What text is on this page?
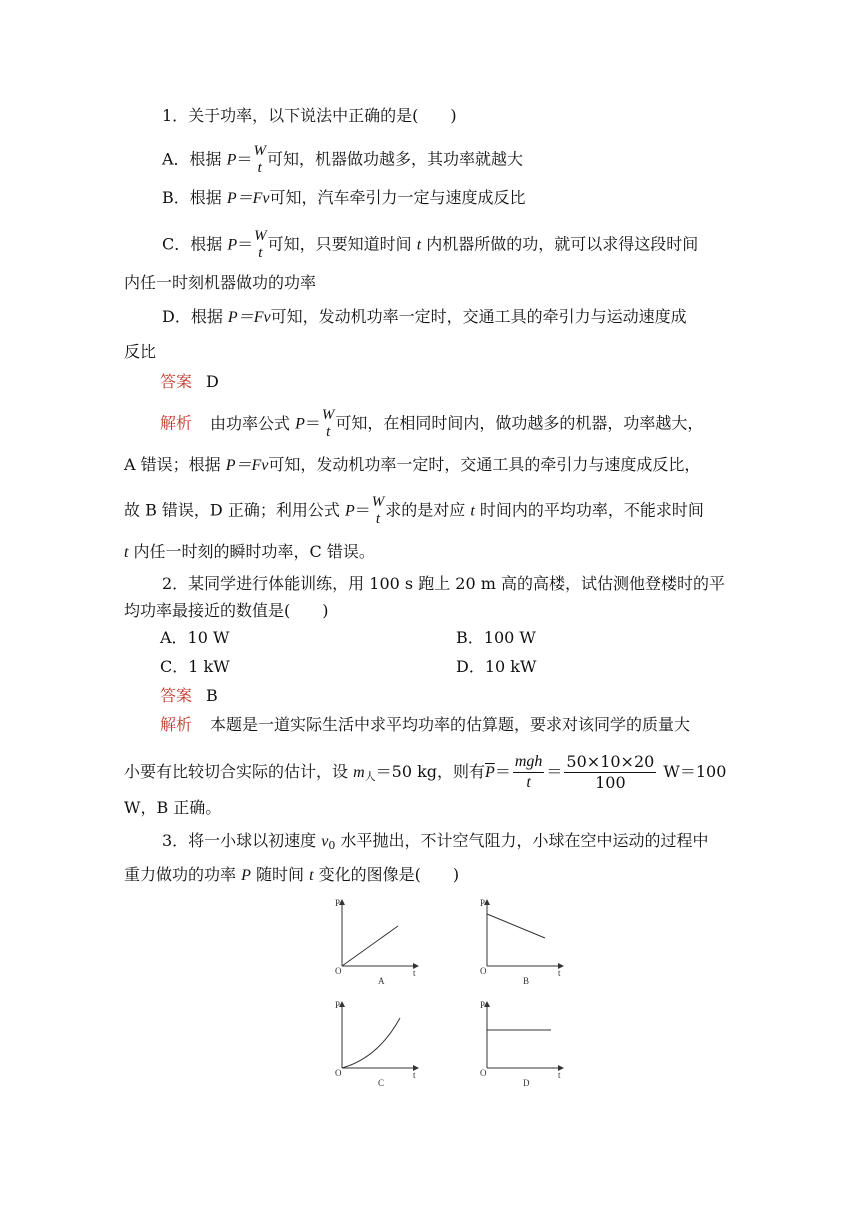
1．关于功率，以下说法中正确的是(　　)
A．根据 P＝ W
t 可知，机器做功越多，其功率就越大
B．根据 P＝Fv可知，汽车牵引力一定与速度成反比
C．根据 P＝ W
t 可知，只要知道时间 t 内机器所做的功，就可以求得这段时间
内任一时刻机器做功的功率
D．根据 P＝Fv可知，发动机功率一定时，交通工具的牵引力与运动速度成
反比
答案 D
解析 由功率公式 P＝ W
t 可知，在相同时间内，做功越多的机器，功率越大，
A 错误；根据 P＝Fv可知，发动机功率一定时，交通工具的牵引力与速度成反比，
故 B 错误，D 正确；利用公式 P＝ W
t 求的是对应 t 时间内的平均功率，不能求时间
t 内任一时刻的瞬时功率，C 错误。
2．某同学进行体能训练，用 100 s 跑上 20 m 高的高楼，试估测他登楼时的平
均功率最接近的数值是(　　)
A．10 W	B．100 W
C．1 kW	D．10 kW
答案 B
解析 本题是一道实际生活中求平均功率的估算题，要求对该同学的质量大
小要有比较切合实际的估计，设 $m_人=50$ kg，则有$\overline{P}=$
mgh
t
＝ $\frac{50\times 10\times 20}{100} W=100$
W，B 正确。
3．将一小球以初速度 $v_0$ 水平抛出，不计空气阻力，小球在空中运动的过程中
重力做功的功率 P 随时间 t 变化的图像是(　　)
P
t
O
A
P
t
O
B
P
t
O
C
P
t
O
D
